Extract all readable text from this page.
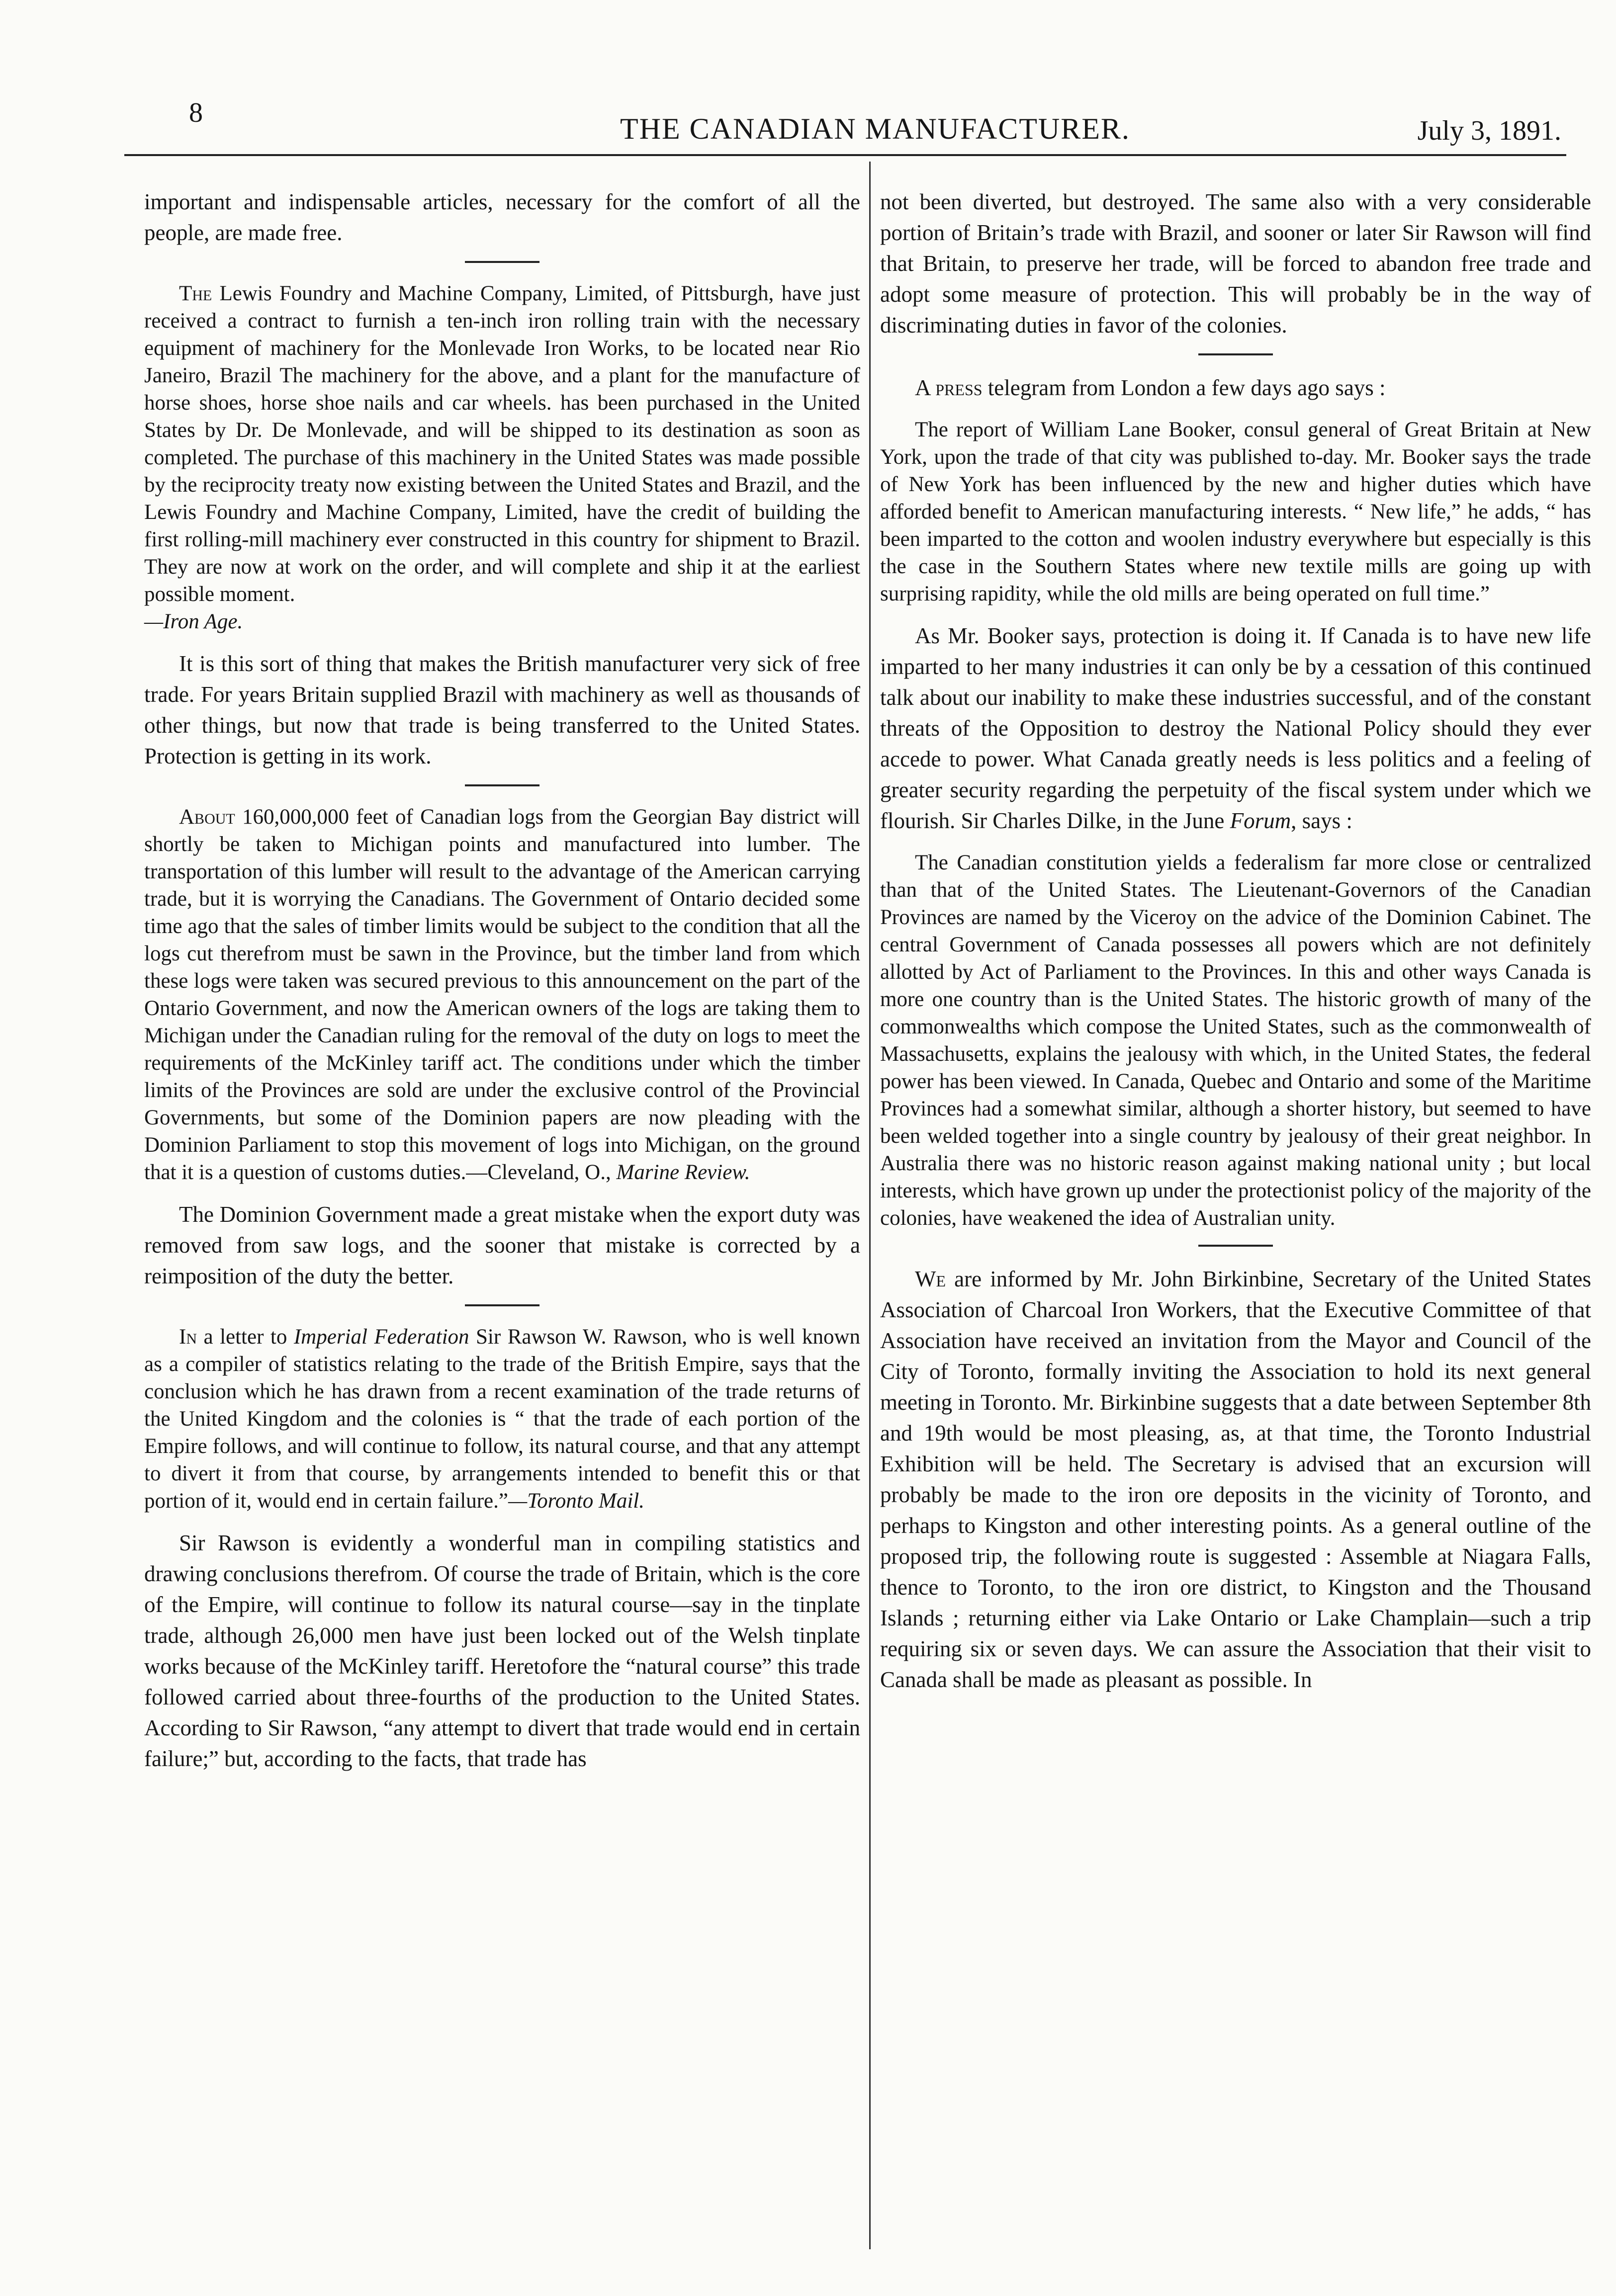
8	THE CANADIAN MANUFACTURER.	July 3, 1891.

important and indispensable articles, necessary for the comfort of all the people, are made free.

The Lewis Foundry and Machine Company, Limited, of Pittsburgh, have just received a contract to furnish a ten-inch iron rolling train with the necessary equipment of machinery for the Monlevade Iron Works, to be located near Rio Janeiro, Brazil The machinery for the above, and a plant for the manufacture of horse shoes, horse shoe nails and car wheels. has been purchased in the United States by Dr. De Monlevade, and will be shipped to its destination as soon as completed. The purchase of this machinery in the United States was made possible by the reciprocity treaty now existing between the United States and Brazil, and the Lewis Foundry and Machine Company, Limited, have the credit of building the first rolling-mill machinery ever constructed in this country for shipment to Brazil. They are now at work on the order, and will complete and ship it at the earliest possible moment.
—Iron Age.

It is this sort of thing that makes the British manufacturer very sick of free trade. For years Britain supplied Brazil with machinery as well as thousands of other things, but now that trade is being transferred to the United States. Protection is getting in its work.

About 160,000,000 feet of Canadian logs from the Georgian Bay district will shortly be taken to Michigan points and manufactured into lumber. The transportation of this lumber will result to the advantage of the American carrying trade, but it is worrying the Canadians. The Government of Ontario decided some time ago that the sales of timber limits would be subject to the condition that all the logs cut therefrom must be sawn in the Province, but the timber land from which these logs were taken was secured previous to this announcement on the part of the Ontario Government, and now the American owners of the logs are taking them to Michigan under the Canadian ruling for the removal of the duty on logs to meet the requirements of the McKinley tariff act. The conditions under which the timber limits of the Provinces are sold are under the exclusive control of the Provincial Governments, but some of the Dominion papers are now pleading with the Dominion Parliament to stop this movement of logs into Michigan, on the ground that it is a question of customs duties.—Cleveland, O., Marine Review.

The Dominion Government made a great mistake when the export duty was removed from saw logs, and the sooner that mistake is corrected by a reimposition of the duty the better.

In a letter to Imperial Federation Sir Rawson W. Rawson, who is well known as a compiler of statistics relating to the trade of the British Empire, says that the conclusion which he has drawn from a recent examination of the trade returns of the United Kingdom and the colonies is “ that the trade of each portion of the Empire follows, and will continue to follow, its natural course, and that any attempt to divert it from that course, by arrangements intended to benefit this or that portion of it, would end in certain failure.”—Toronto Mail.

Sir Rawson is evidently a wonderful man in compiling statistics and drawing conclusions therefrom. Of course the trade of Britain, which is the core of the Empire, will continue to follow its natural course—say in the tinplate trade, although 26,000 men have just been locked out of the Welsh tinplate works because of the McKinley tariff. Heretofore the “natural course” this trade followed carried about three-fourths of the production to the United States. According to Sir Rawson, “any attempt to divert that trade would end in certain failure;” but, according to the facts, that trade has

not been diverted, but destroyed. The same also with a very considerable portion of Britain’s trade with Brazil, and sooner or later Sir Rawson will find that Britain, to preserve her trade, will be forced to abandon free trade and adopt some measure of protection. This will probably be in the way of discriminating duties in favor of the colonies.

A press telegram from London a few days ago says :

The report of William Lane Booker, consul general of Great Britain at New York, upon the trade of that city was published to-day. Mr. Booker says the trade of New York has been influenced by the new and higher duties which have afforded benefit to American manufacturing interests. “ New life,” he adds, “ has been imparted to the cotton and woolen industry everywhere but especially is this the case in the Southern States where new textile mills are going up with surprising rapidity, while the old mills are being operated on full time.”

As Mr. Booker says, protection is doing it. If Canada is to have new life imparted to her many industries it can only be by a cessation of this continued talk about our inability to make these industries successful, and of the constant threats of the Opposition to destroy the National Policy should they ever accede to power. What Canada greatly needs is less politics and a feeling of greater security regarding the perpetuity of the fiscal system under which we flourish. Sir Charles Dilke, in the June Forum, says :

The Canadian constitution yields a federalism far more close or centralized than that of the United States. The Lieutenant-Governors of the Canadian Provinces are named by the Viceroy on the advice of the Dominion Cabinet. The central Government of Canada possesses all powers which are not definitely allotted by Act of Parliament to the Provinces. In this and other ways Canada is more one country than is the United States. The historic growth of many of the commonwealths which compose the United States, such as the commonwealth of Massachusetts, explains the jealousy with which, in the United States, the federal power has been viewed. In Canada, Quebec and Ontario and some of the Maritime Provinces had a somewhat similar, although a shorter history, but seemed to have been welded together into a single country by jealousy of their great neighbor. In Australia there was no historic reason against making national unity ; but local interests, which have grown up under the protectionist policy of the majority of the colonies, have weakened the idea of Australian unity.

We are informed by Mr. John Birkinbine, Secretary of the United States Association of Charcoal Iron Workers, that the Executive Committee of that Association have received an invitation from the Mayor and Council of the City of Toronto, formally inviting the Association to hold its next general meeting in Toronto. Mr. Birkinbine suggests that a date between September 8th and 19th would be most pleasing, as, at that time, the Toronto Industrial Exhibition will be held. The Secretary is advised that an excursion will probably be made to the iron ore deposits in the vicinity of Toronto, and perhaps to Kingston and other interesting points. As a general outline of the proposed trip, the following route is suggested : Assemble at Niagara Falls, thence to Toronto, to the iron ore district, to Kingston and the Thousand Islands ; returning either via Lake Ontario or Lake Champlain—such a trip requiring six or seven days. We can assure the Association that their visit to Canada shall be made as pleasant as possible. In
